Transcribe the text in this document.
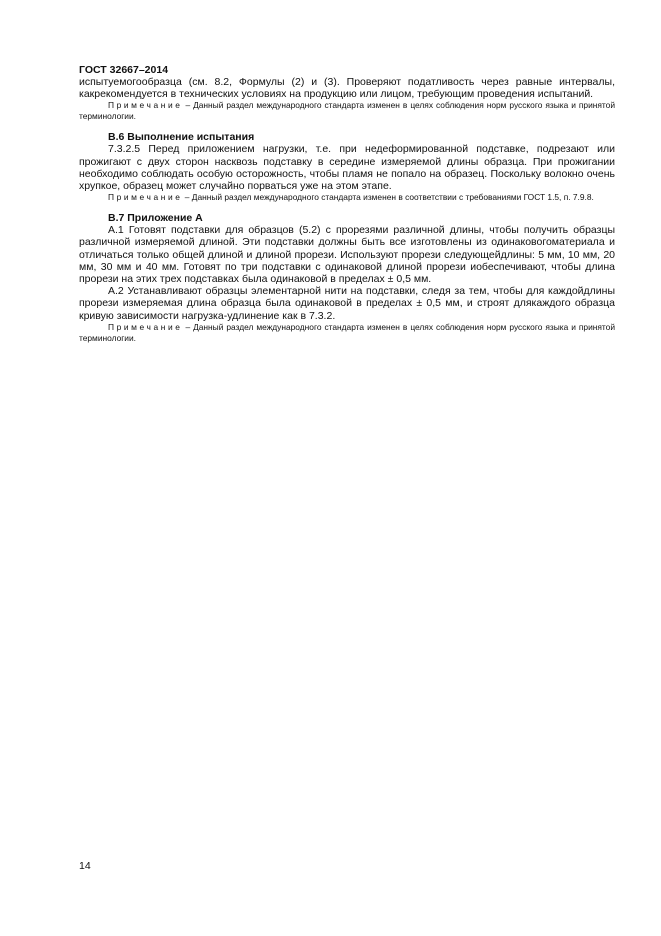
ГОСТ 32667–2014

испытуемогообразца (см. 8.2, Формулы (2) и (3). Проверяют податливость через равные интервалы, какрекомендуется в технических условиях на продукцию или лицом, требующим проведения испытаний.

Примечание – Данный раздел международного стандарта изменен в целях соблюдения норм русского языка и принятой терминологии.

B.6 Выполнение испытания

7.3.2.5 Перед приложением нагрузки, т.е. при недеформированной подставке, подрезают или прожигают с двух сторон насквозь подставку в середине измеряемой длины образца. При прожигании необходимо соблюдать особую осторожность, чтобы пламя не попало на образец. Поскольку волокно очень хрупкое, образец может случайно порваться уже на этом этапе.

Примечание – Данный раздел международного стандарта изменен в соответствии с требованиями ГОСТ 1.5, п. 7.9.8.

B.7 Приложение А

А.1 Готовят подставки для образцов (5.2) с прорезями различной длины, чтобы получить образцы различной измеряемой длиной. Эти подставки должны быть все изготовлены из одинаковогоматериала и отличаться только общей длиной и длиной прорези. Используют прорези следующейдлины: 5 мм, 10 мм, 20 мм, 30 мм и 40 мм. Готовят по три подставки с одинаковой длиной прорези иобеспечивают, чтобы длина прорези на этих трех подставках была одинаковой в пределах ± 0,5 мм.

А.2 Устанавливают образцы элементарной нити на подставки, следя за тем, чтобы для каждойдлины прорези измеряемая длина образца была одинаковой в пределах ± 0,5 мм, и строят длякаждого образца кривую зависимости нагрузка-удлинение как в 7.3.2.

Примечание – Данный раздел международного стандарта изменен в целях соблюдения норм русского языка и принятой терминологии.

14
